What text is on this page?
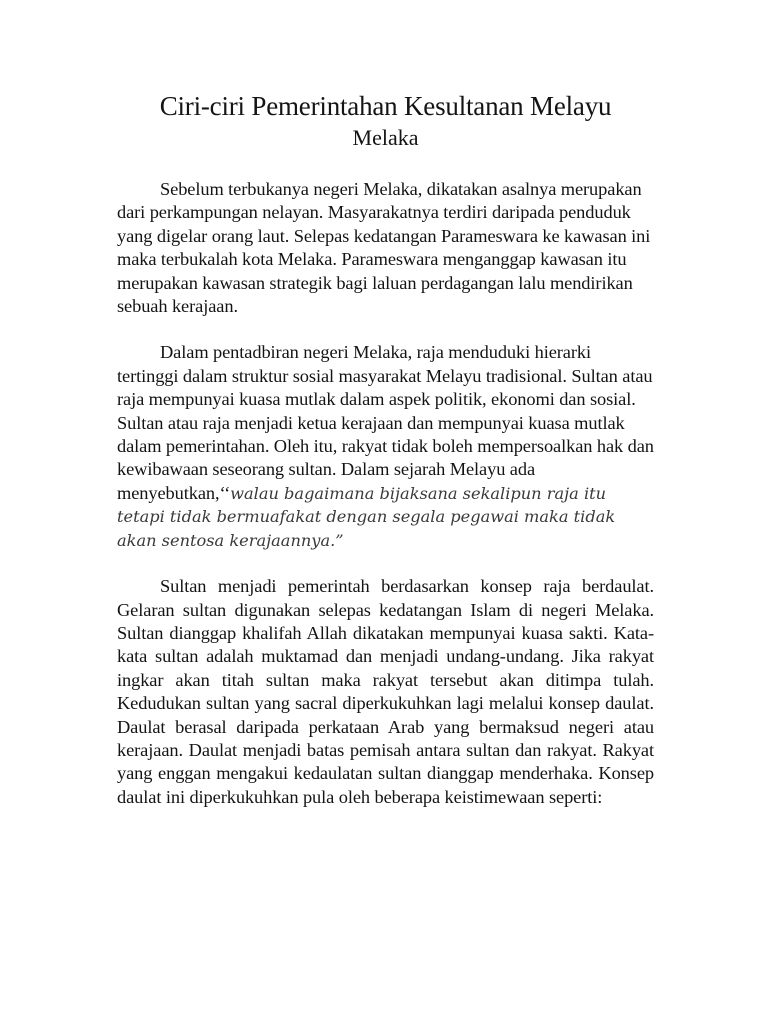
Ciri-ciri Pemerintahan Kesultanan Melayu
Melaka

Sebelum terbukanya negeri Melaka, dikatakan asalnya merupakan dari perkampungan nelayan. Masyarakatnya terdiri daripada penduduk yang digelar orang laut. Selepas kedatangan Parameswara ke kawasan ini maka terbukalah kota Melaka. Parameswara menganggap kawasan itu merupakan kawasan strategik bagi laluan perdagangan lalu mendirikan sebuah kerajaan.

Dalam pentadbiran negeri Melaka, raja menduduki hierarki tertinggi dalam struktur sosial masyarakat Melayu tradisional. Sultan atau raja mempunyai kuasa mutlak dalam aspek politik, ekonomi dan sosial. Sultan atau raja menjadi ketua kerajaan dan mempunyai kuasa mutlak dalam pemerintahan. Oleh itu, rakyat tidak boleh mempersoalkan hak dan kewibawaan seseorang sultan. Dalam sejarah Melayu ada menyebutkan,‘‘walau bagaimana bijaksana sekalipun raja itu tetapi tidak bermuafakat dengan segala pegawai maka tidak akan sentosa kerajaannya.”

Sultan menjadi pemerintah berdasarkan konsep raja berdaulat. Gelaran sultan digunakan selepas kedatangan Islam di negeri Melaka. Sultan dianggap khalifah Allah dikatakan mempunyai kuasa sakti. Kata-kata sultan adalah muktamad dan menjadi undang-undang. Jika rakyat ingkar akan titah sultan maka rakyat tersebut akan ditimpa tulah. Kedudukan sultan yang sacral diperkukuhkan lagi melalui konsep daulat. Daulat berasal daripada perkataan Arab yang bermaksud negeri atau kerajaan. Daulat menjadi batas pemisah antara sultan dan rakyat. Rakyat yang enggan mengakui kedaulatan sultan dianggap menderhaka. Konsep daulat ini diperkukuhkan pula oleh beberapa keistimewaan seperti:
